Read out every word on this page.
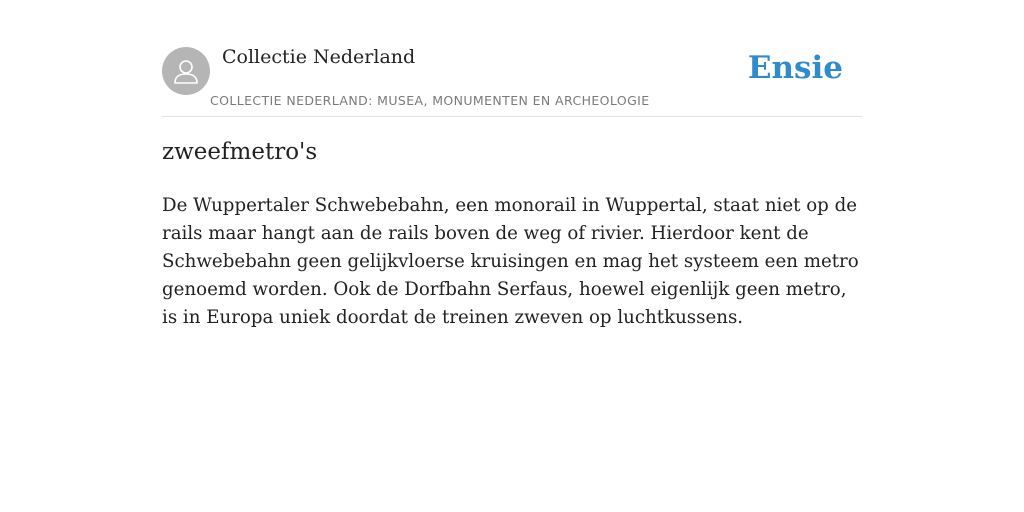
Collectie Nederland
COLLECTIE NEDERLAND: MUSEA, MONUMENTEN EN ARCHEOLOGIE
Ensie
zweefmetro's

De Wuppertaler Schwebebahn, een monorail in Wuppertal, staat niet op de rails maar hangt aan de rails boven de weg of rivier. Hierdoor kent de Schwebebahn geen gelijkvloerse kruisingen en mag het systeem een metro genoemd worden. Ook de Dorfbahn Serfaus, hoewel eigenlijk geen metro, is in Europa uniek doordat de treinen zweven op luchtkussens.
